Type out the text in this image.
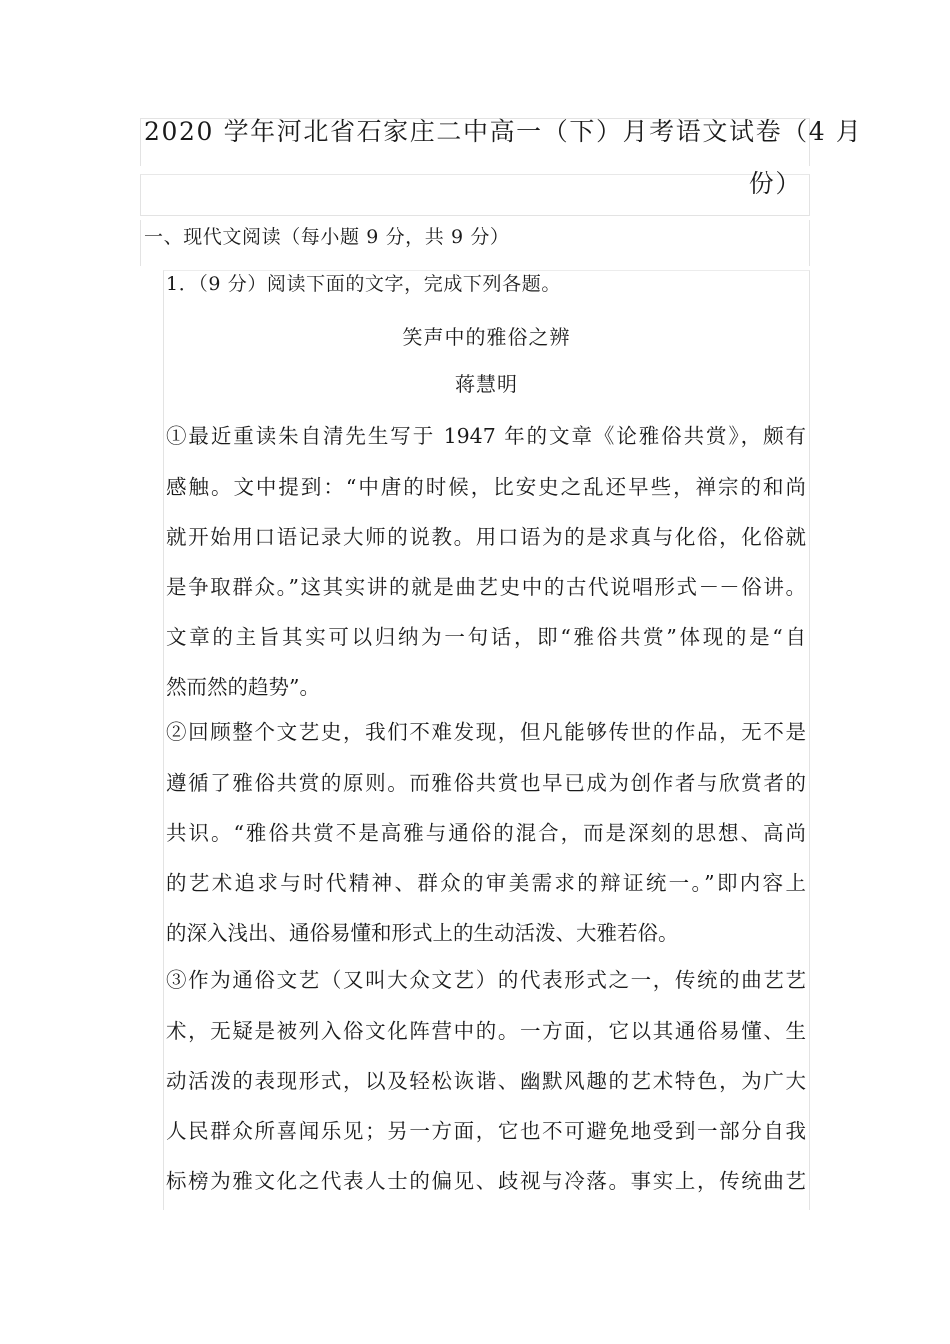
2020 学年河北省石家庄二中高一（下）月考语文试卷（4 月
份）
一、现代文阅读（每小题 9 分，共 9 分）
1．（9 分）阅读下面的文字，完成下列各题。
笑声中的雅俗之辨
蒋慧明
①最近重读朱自清先生写于 1947 年的文章《论雅俗共赏》，颇有
感触。文中提到：“中唐的时候，比安史之乱还早些，禅宗的和尚
就开始用口语记录大师的说教。用口语为的是求真与化俗，化俗就
是争取群众。”这其实讲的就是曲艺史中的古代说唱形式－－俗讲。
文章的主旨其实可以归纳为一句话，即“雅俗共赏”体现的是“自
然而然的趋势”。
②回顾整个文艺史，我们不难发现，但凡能够传世的作品，无不是
遵循了雅俗共赏的原则。而雅俗共赏也早已成为创作者与欣赏者的
共识。“雅俗共赏不是高雅与通俗的混合，而是深刻的思想、高尚
的艺术追求与时代精神、群众的审美需求的辩证统一。”即内容上
的深入浅出、通俗易懂和形式上的生动活泼、大雅若俗。
③作为通俗文艺（又叫大众文艺）的代表形式之一，传统的曲艺艺
术，无疑是被列入俗文化阵营中的。一方面，它以其通俗易懂、生
动活泼的表现形式，以及轻松诙谐、幽默风趣的艺术特色，为广大
人民群众所喜闻乐见；另一方面，它也不可避免地受到一部分自我
标榜为雅文化之代表人士的偏见、歧视与冷落。事实上，传统曲艺
